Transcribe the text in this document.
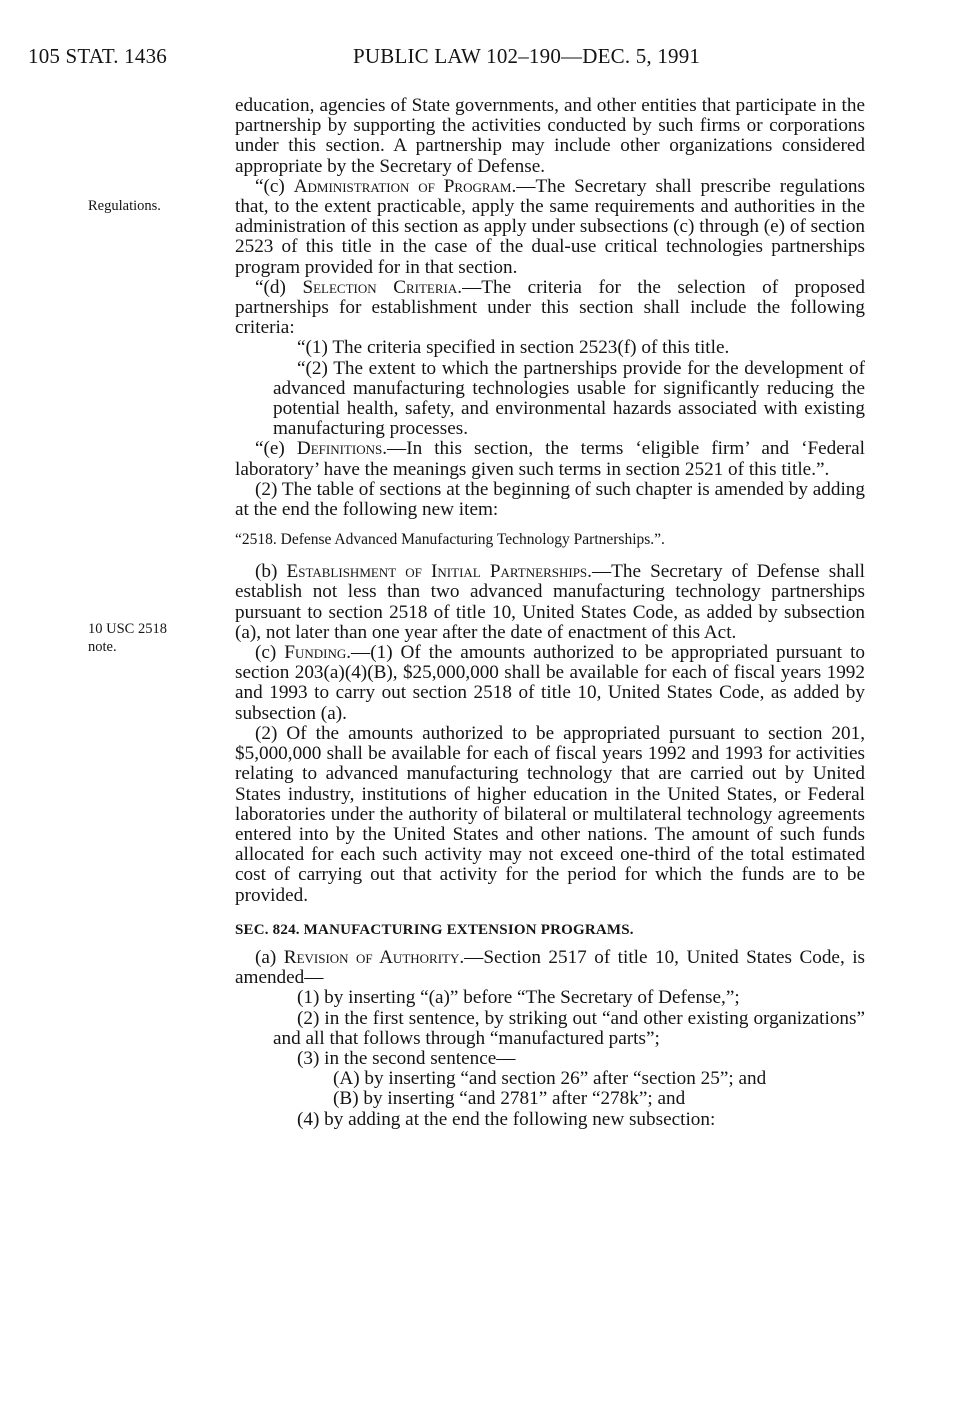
105 STAT. 1436	PUBLIC LAW 102–190—DEC. 5, 1991
Regulations.
10 USC 2518
note.

education, agencies of State governments, and other entities that participate in the partnership by supporting the activities conducted by such firms or corporations under this section. A partnership may include other organizations considered appropriate by the Secretary of Defense.

“(c) Administration of Program.—The Secretary shall prescribe regulations that, to the extent practicable, apply the same requirements and authorities in the administration of this section as apply under subsections (c) through (e) of section 2523 of this title in the case of the dual-use critical technologies partnerships program provided for in that section.

“(d) Selection Criteria.—The criteria for the selection of proposed partnerships for establishment under this section shall include the following criteria:

“(1) The criteria specified in section 2523(f) of this title.

“(2) The extent to which the partnerships provide for the development of advanced manufacturing technologies usable for significantly reducing the potential health, safety, and environmental hazards associated with existing manufacturing processes.

“(e) Definitions.—In this section, the terms ‘eligible firm’ and ‘Federal laboratory’ have the meanings given such terms in section 2521 of this title.”.

(2) The table of sections at the beginning of such chapter is amended by adding at the end the following new item:

“2518. Defense Advanced Manufacturing Technology Partnerships.”.

(b) Establishment of Initial Partnerships.—The Secretary of Defense shall establish not less than two advanced manufacturing technology partnerships pursuant to section 2518 of title 10, United States Code, as added by subsection (a), not later than one year after the date of enactment of this Act.

(c) Funding.—(1) Of the amounts authorized to be appropriated pursuant to section 203(a)(4)(B), $25,000,000 shall be available for each of fiscal years 1992 and 1993 to carry out section 2518 of title 10, United States Code, as added by subsection (a).

(2) Of the amounts authorized to be appropriated pursuant to section 201, $5,000,000 shall be available for each of fiscal years 1992 and 1993 for activities relating to advanced manufacturing technology that are carried out by United States industry, institutions of higher education in the United States, or Federal laboratories under the authority of bilateral or multilateral technology agreements entered into by the United States and other nations. The amount of such funds allocated for each such activity may not exceed one-third of the total estimated cost of carrying out that activity for the period for which the funds are to be provided.

SEC. 824. MANUFACTURING EXTENSION PROGRAMS.

(a) Revision of Authority.—Section 2517 of title 10, United States Code, is amended—

(1) by inserting “(a)” before “The Secretary of Defense,”;

(2) in the first sentence, by striking out “and other existing organizations” and all that follows through “manufactured parts”;

(3) in the second sentence—

(A) by inserting “and section 26” after “section 25”; and

(B) by inserting “and 2781” after “278k”; and

(4) by adding at the end the following new subsection:
